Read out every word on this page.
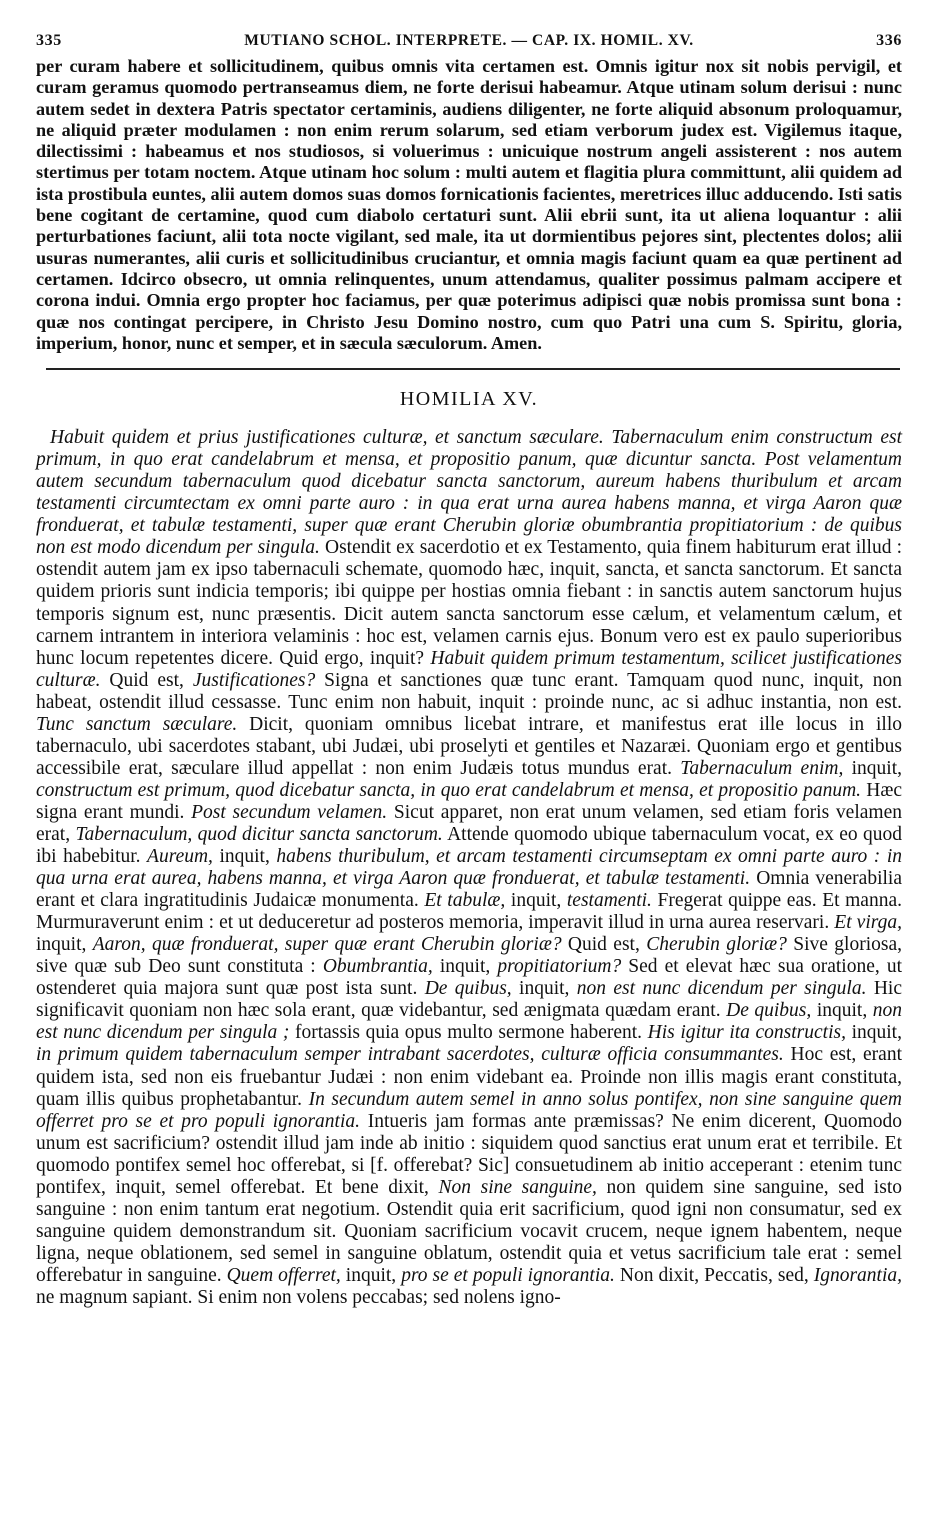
335	MUTIANO SCHOL. INTERPRETE. — CAP. IX. HOMIL. XV.	336

per curam habere et sollicitudinem, quibus omnis vita certamen est. Omnis igitur nox sit nobis pervigil, et curam geramus quomodo pertranseamus diem, ne forte derisui habeamur. Atque utinam solum derisui : nunc autem sedet in dextera Patris spectator certaminis, audiens diligenter, ne forte aliquid absonum proloquamur, ne aliquid præter modulamen : non enim rerum solarum, sed etiam verborum judex est. Vigilemus itaque, dilectissimi : habeamus et nos studiosos, si voluerimus : unicuique nostrum angeli assisterent : nos autem stertimus per totam noctem. Atque utinam hoc solum : multi autem et flagitia plura committunt, alii quidem ad ista prostibula euntes, alii autem domos suas domos fornicationis facientes, meretrices illuc adducendo. Isti satis bene cogitant de certamine, quod cum diabolo certaturi sunt. Alii ebrii sunt, ita ut aliena loquantur : alii perturbationes faciunt, alii tota nocte vigilant, sed male, ita ut dormientibus pejores sint, plectentes dolos; alii usuras numerantes, alii curis et sollicitudinibus cruciantur, et omnia magis faciunt quam ea quæ pertinent ad certamen. Idcirco obsecro, ut omnia relinquentes, unum attendamus, qualiter possimus palmam accipere et corona indui. Omnia ergo propter hoc faciamus, per quæ poterimus adipisci quæ nobis promissa sunt bona : quæ nos contingat percipere, in Christo Jesu Domino nostro, cum quo Patri una cum S. Spiritu, gloria, imperium, honor, nunc et semper, et in sæcula sæculorum. Amen.

HOMILIA XV.

Habuit quidem et prius justificationes culturæ, et sanctum sæculare. Tabernaculum enim constructum est primum, in quo erat candelabrum et mensa, et propositio panum, quæ dicuntur sancta. Post velamentum autem secundum tabernaculum quod dicebatur sancta sanctorum, aureum habens thuribulum et arcam testamenti circumtectam ex omni parte auro : in qua erat urna aurea habens manna, et virga Aaron quæ fronduerat, et tabulæ testamenti, super quæ erant Cherubin gloriæ obumbrantia propitiatorium : de quibus non est modo dicendum per singula. Ostendit ex sacerdotio et ex Testamento, quia finem habiturum erat illud : ostendit autem jam ex ipso tabernaculi schemate, quomodo hæc, inquit, sancta, et sancta sanctorum. Et sancta quidem prioris sunt indicia temporis; ibi quippe per hostias omnia fiebant : in sanctis autem sanctorum hujus temporis signum est, nunc præsentis. Dicit autem sancta sanctorum esse cælum, et velamentum cælum, et carnem intrantem in interiora velaminis : hoc est, velamen carnis ejus. Bonum vero est ex paulo superioribus hunc locum repetentes dicere. Quid ergo, inquit? Habuit quidem primum testamentum, scilicet justificationes culturæ. Quid est, Justificationes? Signa et sanctiones quæ tunc erant. Tamquam quod nunc, inquit, non habeat, ostendit illud cessasse. Tunc enim non habuit, inquit : proinde nunc, ac si adhuc instantia, non est. Tunc sanctum sæculare. Dicit, quoniam omnibus licebat intrare, et manifestus erat ille locus in illo tabernaculo, ubi sacerdotes stabant, ubi Judæi, ubi proselyti et gentiles et Nazaræi. Quoniam ergo et gentibus accessibile erat, sæculare illud appellat : non enim Judæis totus mundus erat. Tabernaculum enim, inquit, constructum est primum, quod dicebatur sancta, in quo erat candelabrum et mensa, et propositio panum. Hæc signa erant mundi. Post secundum velamen. Sicut apparet, non erat unum velamen, sed etiam foris velamen erat, Tabernaculum, quod dicitur sancta sanctorum. Attende quomodo ubique tabernaculum vocat, ex eo quod ibi habebitur. Aureum, inquit, habens thuribulum, et arcam testamenti circumseptam ex omni parte auro : in qua urna erat aurea, habens manna, et virga Aaron quæ fronduerat, et tabulæ testamenti. Omnia venerabilia erant et clara ingratitudinis Judaicæ monumenta. Et tabulæ, inquit, testamenti. Fregerat quippe eas. Et manna. Murmuraverunt enim : et ut deduceretur ad posteros memoria, imperavit illud in urna aurea reservari. Et virga, inquit, Aaron, quæ fronduerat, super quæ erant Cherubin gloriæ? Quid est, Cherubin gloriæ? Sive gloriosa, sive quæ sub Deo sunt constituta : Obumbrantia, inquit, propitiatorium? Sed et elevat hæc sua oratione, ut ostenderet quia majora sunt quæ post ista sunt. De quibus, inquit, non est nunc dicendum per singula. Hic significavit quoniam non hæc sola erant, quæ videbantur, sed ænigmata quædam erant. De quibus, inquit, non est nunc dicendum per singula ; fortassis quia opus multo sermone haberent. His igitur ita constructis, inquit, in primum quidem tabernaculum semper intrabant sacerdotes, culturæ officia consummantes. Hoc est, erant quidem ista, sed non eis fruebantur Judæi : non enim videbant ea. Proinde non illis magis erant constituta, quam illis quibus prophetabantur. In secundum autem semel in anno solus pontifex, non sine sanguine quem offerret pro se et pro populi ignorantia. Intueris jam formas ante præmissas? Ne enim dicerent, Quomodo unum est sacrificium? ostendit illud jam inde ab initio : siquidem quod sanctius erat unum erat et terribile. Et quomodo pontifex semel hoc offerebat, si [f. offerebat? Sic] consuetudinem ab initio acceperant : etenim tunc pontifex, inquit, semel offerebat. Et bene dixit, Non sine sanguine, non quidem sine sanguine, sed isto sanguine : non enim tantum erat negotium. Ostendit quia erit sacrificium, quod igni non consumatur, sed ex sanguine quidem demonstrandum sit. Quoniam sacrificium vocavit crucem, neque ignem habentem, neque ligna, neque oblationem, sed semel in sanguine oblatum, ostendit quia et vetus sacrificium tale erat : semel offerebatur in sanguine. Quem offerret, inquit, pro se et populi ignorantia. Non dixit, Peccatis, sed, Ignorantia, ne magnum sapiant. Si enim non volens peccabas; sed nolens igno-
